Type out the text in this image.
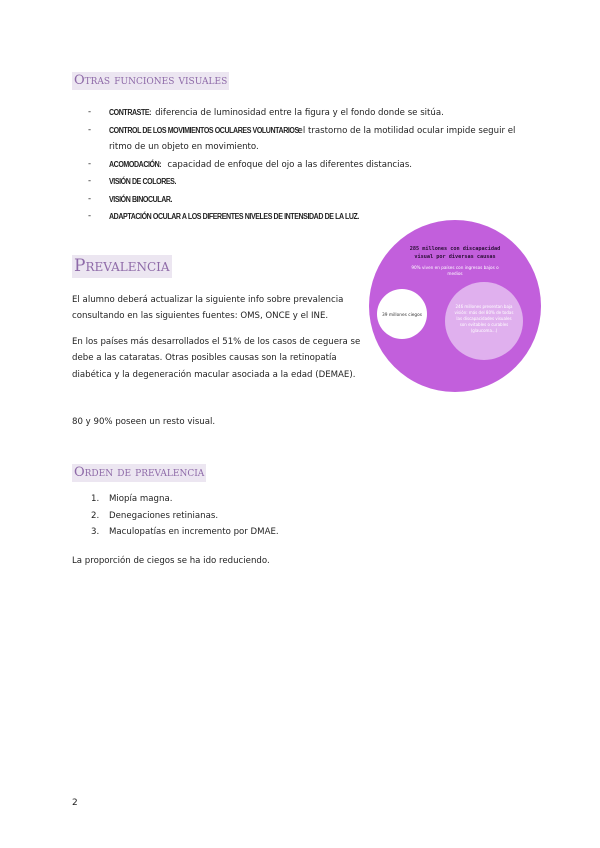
Otras funciones visuales
- CONTRASTE: diferencia de luminosidad entre la figura y el fondo donde se sitúa.
- CONTROL DE LOS MOVIMIENTOS OCULARES VOLUNTARIOS: el trastorno de la motilidad ocular impide seguir el ritmo de un objeto en movimiento.
- ACOMODACIÓN: capacidad de enfoque del ojo a las diferentes distancias.
- VISIÓN DE COLORES.
- VISIÓN BINOCULAR.
- ADAPTACIÓN OCULAR A LOS DIFERENTES NIVELES DE INTENSIDAD DE LA LUZ.
Prevalencia

El alumno deberá actualizar la siguiente info sobre prevalencia consultando en las siguientes fuentes: OMS, ONCE y el INE.

En los países más desarrollados el 51% de los casos de ceguera se debe a las cataratas. Otras posibles causas son la retinopatía diabética y la degeneración macular asociada a la edad (DEMAE).

80 y 90% poseen un resto visual.

285 millones con discapacidad
visual por diversas causas
90% viven en países con ingresos bajos o
medios
39 millones ciegos
246 millones presentan baja
visión: más del 80% de todas
las discapacidades visuales
son evitables o curables
(glaucoma...)
Orden de prevalencia
1. Miopía magna.
2. Denegaciones retinianas.
3. Maculopatías en incremento por DMAE.

La proporción de ciegos se ha ido reduciendo.

2
